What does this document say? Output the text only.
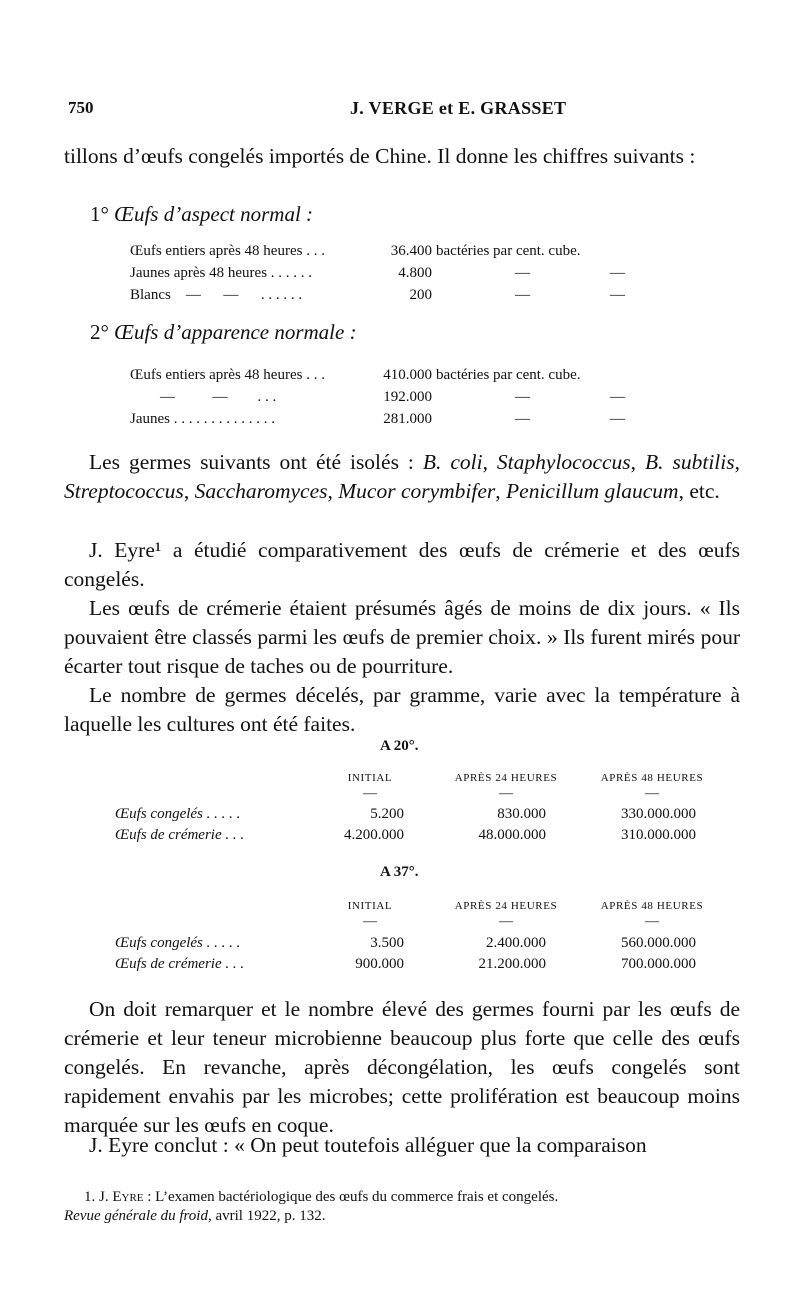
750	J. VERGE et E. GRASSET

tillons d’œufs congelés importés de Chine. Il donne les chiffres suivants :

1° Œufs d’aspect normal :
Œufs entiers après 48 heures . . .	36.400 bactéries par cent. cube.
Jaunes après 48 heures . . . . . .	4.800	—	—
Blancs    —      —      . . . . . .	200	—	—
2° Œufs d’apparence normale :
Œufs entiers après 48 heures . . .	410.000 bactéries par cent. cube.
—          —        . . .	192.000	—	—
Jaunes . . . . . . . . . . . . . .	281.000	—	—

Les germes suivants ont été isolés : B. coli, Staphylococcus, B. subtilis, Streptococcus, Saccharomyces, Mucor corymbifer, Penicillum glaucum, etc.

J. Eyre¹ a étudié comparativement des œufs de crémerie et des œufs congelés.

Les œufs de crémerie étaient présumés âgés de moins de dix jours. « Ils pouvaient être classés parmi les œufs de premier choix. » Ils furent mirés pour écarter tout risque de taches ou de pourriture.

Le nombre de germes décelés, par gramme, varie avec la température à laquelle les cultures ont été faites.

A 20°.
INITIAL	APRÈS 24 HEURES	APRÈS 48 HEURES
—	—	—
Œufs congelés . . . . .	5.200	830.000	330.000.000
Œufs de crémerie . . .	4.200.000	48.000.000	310.000.000
A 37°.
INITIAL	APRÈS 24 HEURES	APRÈS 48 HEURES
—	—	—
Œufs congelés . . . . .	3.500	2.400.000	560.000.000
Œufs de crémerie . . .	900.000	21.200.000	700.000.000

On doit remarquer et le nombre élevé des germes fourni par les œufs de crémerie et leur teneur microbienne beaucoup plus forte que celle des œufs congelés. En revanche, après décongélation, les œufs congelés sont rapidement envahis par les microbes; cette prolifération est beaucoup moins marquée sur les œufs en coque.

J. Eyre conclut : « On peut toutefois alléguer que la comparaison

1. J. Eyre : L’examen bactériologique des œufs du commerce frais et congelés.
Revue générale du froid, avril 1922, p. 132.
